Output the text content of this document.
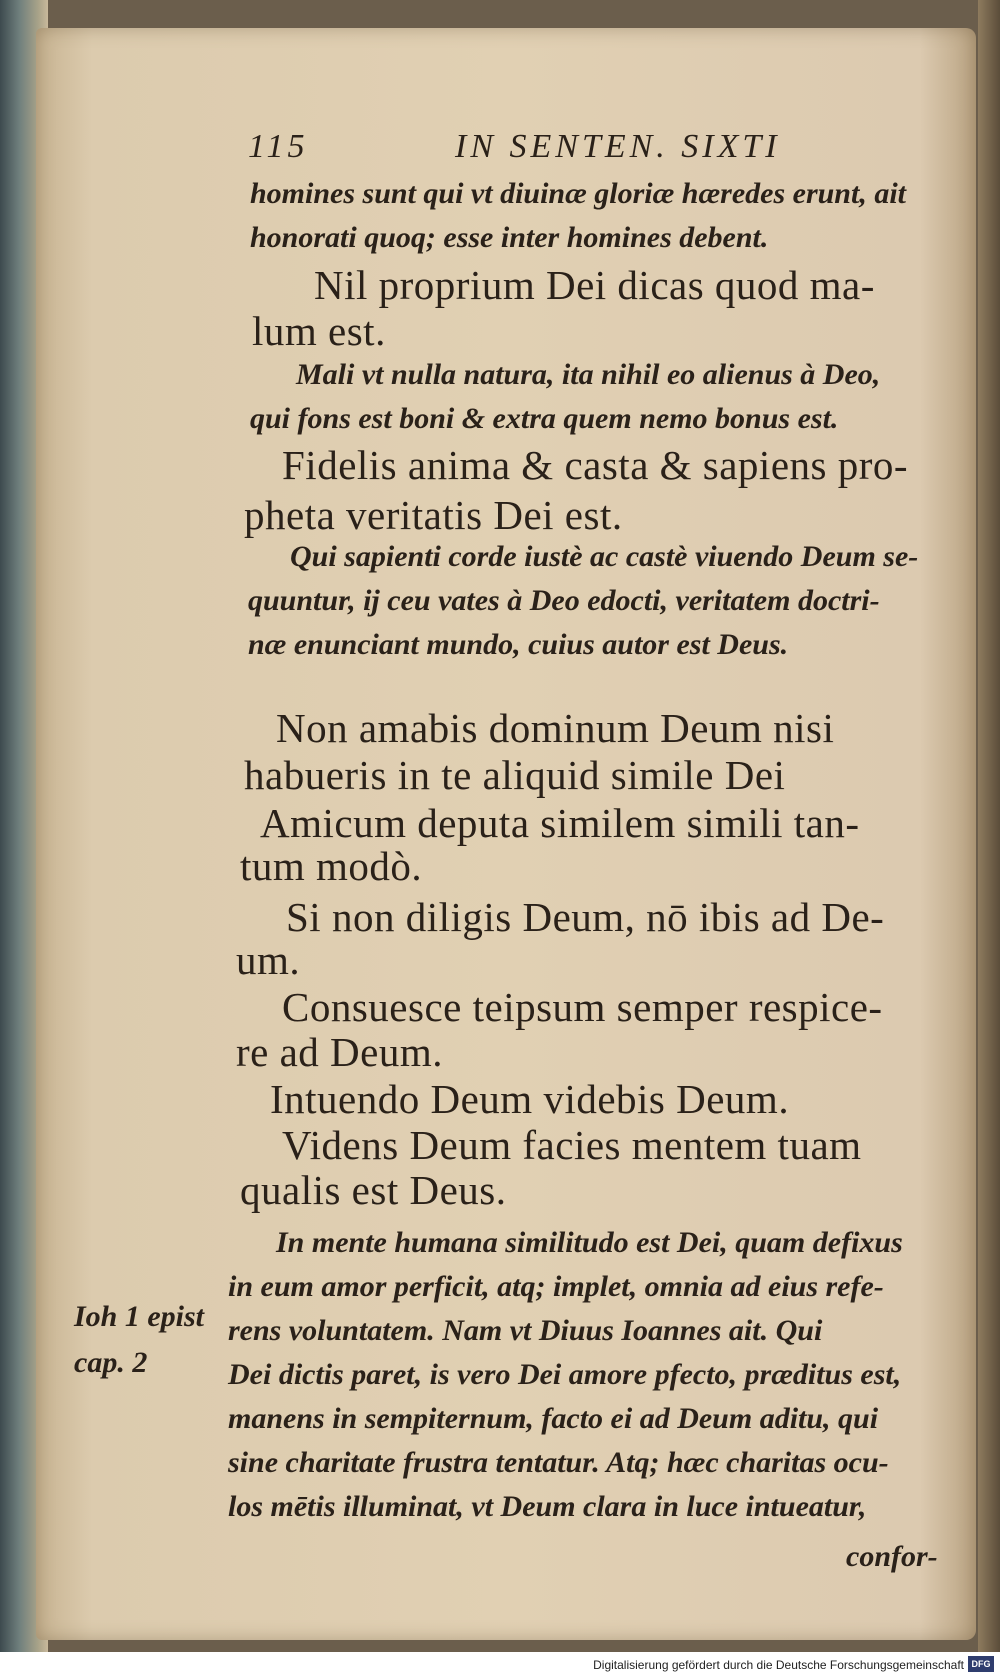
115	IN SENTEN. SIXTI
homines sunt qui vt diuinæ gloriæ hæredes erunt, ait
honorati quoq; esse inter homines debent.
Nil proprium Dei dicas quod ma-
lum est.
Mali vt nulla natura, ita nihil eo alienus à Deo,
qui fons est boni & extra quem nemo bonus est.
Fidelis anima & casta & sapiens pro-
pheta veritatis Dei est.
Qui sapienti corde iustè ac castè viuendo Deum se-
quuntur, ij ceu vates à Deo edocti, veritatem doctri-
næ enunciant mundo, cuius autor est Deus.
Non amabis dominum Deum nisi
habueris in te aliquid simile Dei
Amicum deputa similem simili tan-
tum modò.
Si non diligis Deum, nō ibis ad De-
um.
Consuesce teipsum semper respice-
re ad Deum.
Intuendo Deum videbis Deum.
Videns Deum facies mentem tuam
qualis est Deus.
In mente humana similitudo est Dei, quam defixus
in eum amor perficit, atq; implet, omnia ad eius refe-
rens voluntatem. Nam vt Diuus Ioannes ait. Qui
Dei dictis paret, is vero Dei amore pfecto, præditus est,
manens in sempiternum, facto ei ad Deum aditu, qui
sine charitate frustra tentatur. Atq; hæc charitas ocu-
los mētis illuminat, vt Deum clara in luce intueatur,
confor-
Ioh 1 epist
cap. 2
Digitalisierung gefördert durch die Deutsche Forschungsgemeinschaft DFG
